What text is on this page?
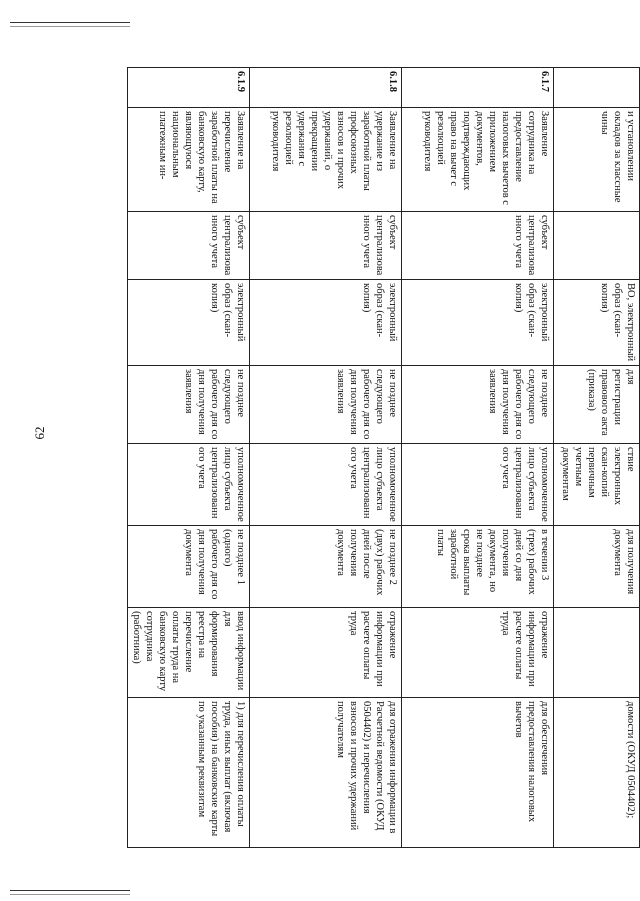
62
	и установлении окладов за классные чины		ВО, электронный образ (скан-копия)	для регистрации правового акта (приказа)	ствие электронных скан-копий первичным учетным документам	для получения документа		домости (ОКУД 0504402);
6.1.7	Заявление сотрудника на предоставление налоговых вычетов с приложением документов, подтверждающих право на вычет с резолюцией руководителя	субъект централизованного учета	электронный образ (скан-копия)	не позднее следующего рабочего дня со дня получения заявления	уполномоченное лицо субъекта централизованного учета	в течении 3 (трех) рабочих дней со дня получения документа, но не позднее срока выплаты заработной платы	отражение информации при расчете оплаты труда	для обеспечения предоставления налоговых вычетов
6.1.8	Заявление на удержание из заработной платы профсоюзных взносов и прочих удержаний, о прекращении удержания с резолюцией руководителя	субъект централизованного учета	электронный образ (скан-копия)	не позднее следующего рабочего дня со дня получения заявления	уполномоченное лицо субъекта централизованного учета	не позднее 2 (двух) рабочих дней после получения документа	отражение информации при расчете оплаты труда	для отражения информации в Расчетной ведомости (ОКУД 0504402) и перечисления взносов и прочих удержаний получателям
6.1.9	Заявление на перечисление заработной платы на банковскую карту, являющуюся национальным платежным ин-	субъект централизованного учета	электронный образ (скан-копия)	не позднее следующего рабочего дня со дня получения заявления	уполномоченное лицо субъекта централизованного учета	не позднее 1 (одного) рабочего дня со дня получения документа	ввод информации для формирования реестра на перечисление оплаты труда на банковскую карту сотрудника (работника)	1) для перечисления оплаты труда, иных выплат (включая пособия) на банковские карты по указанным реквизитам
